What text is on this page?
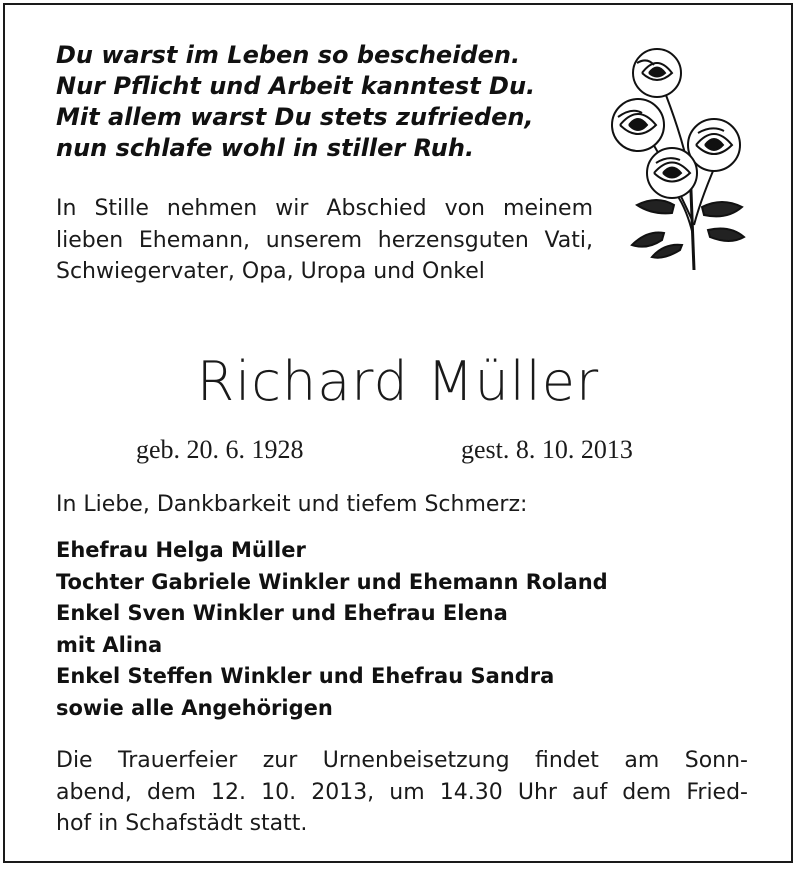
Du warst im Leben so bescheiden.
Nur Pflicht und Arbeit kanntest Du.
Mit allem warst Du stets zufrieden,
nun schlafe wohl in stiller Ruh.
In Stille nehmen wir Abschied von meinem lieben Ehemann, unserem herzensguten Vati, Schwiegervater, Opa, Uropa und Onkel
Richard Müller
geb. 20. 6. 1928	gest. 8. 10. 2013
In Liebe, Dankbarkeit und tiefem Schmerz:
Ehefrau Helga Müller
Tochter Gabriele Winkler und Ehemann Roland
Enkel Sven Winkler und Ehefrau Elena
mit Alina
Enkel Steffen Winkler und Ehefrau Sandra
sowie alle Angehörigen
Die Trauerfeier zur Urnenbeisetzung findet am Sonn-
abend, dem 12. 10. 2013, um 14.30 Uhr auf dem Fried-
hof in Schafstädt statt.
